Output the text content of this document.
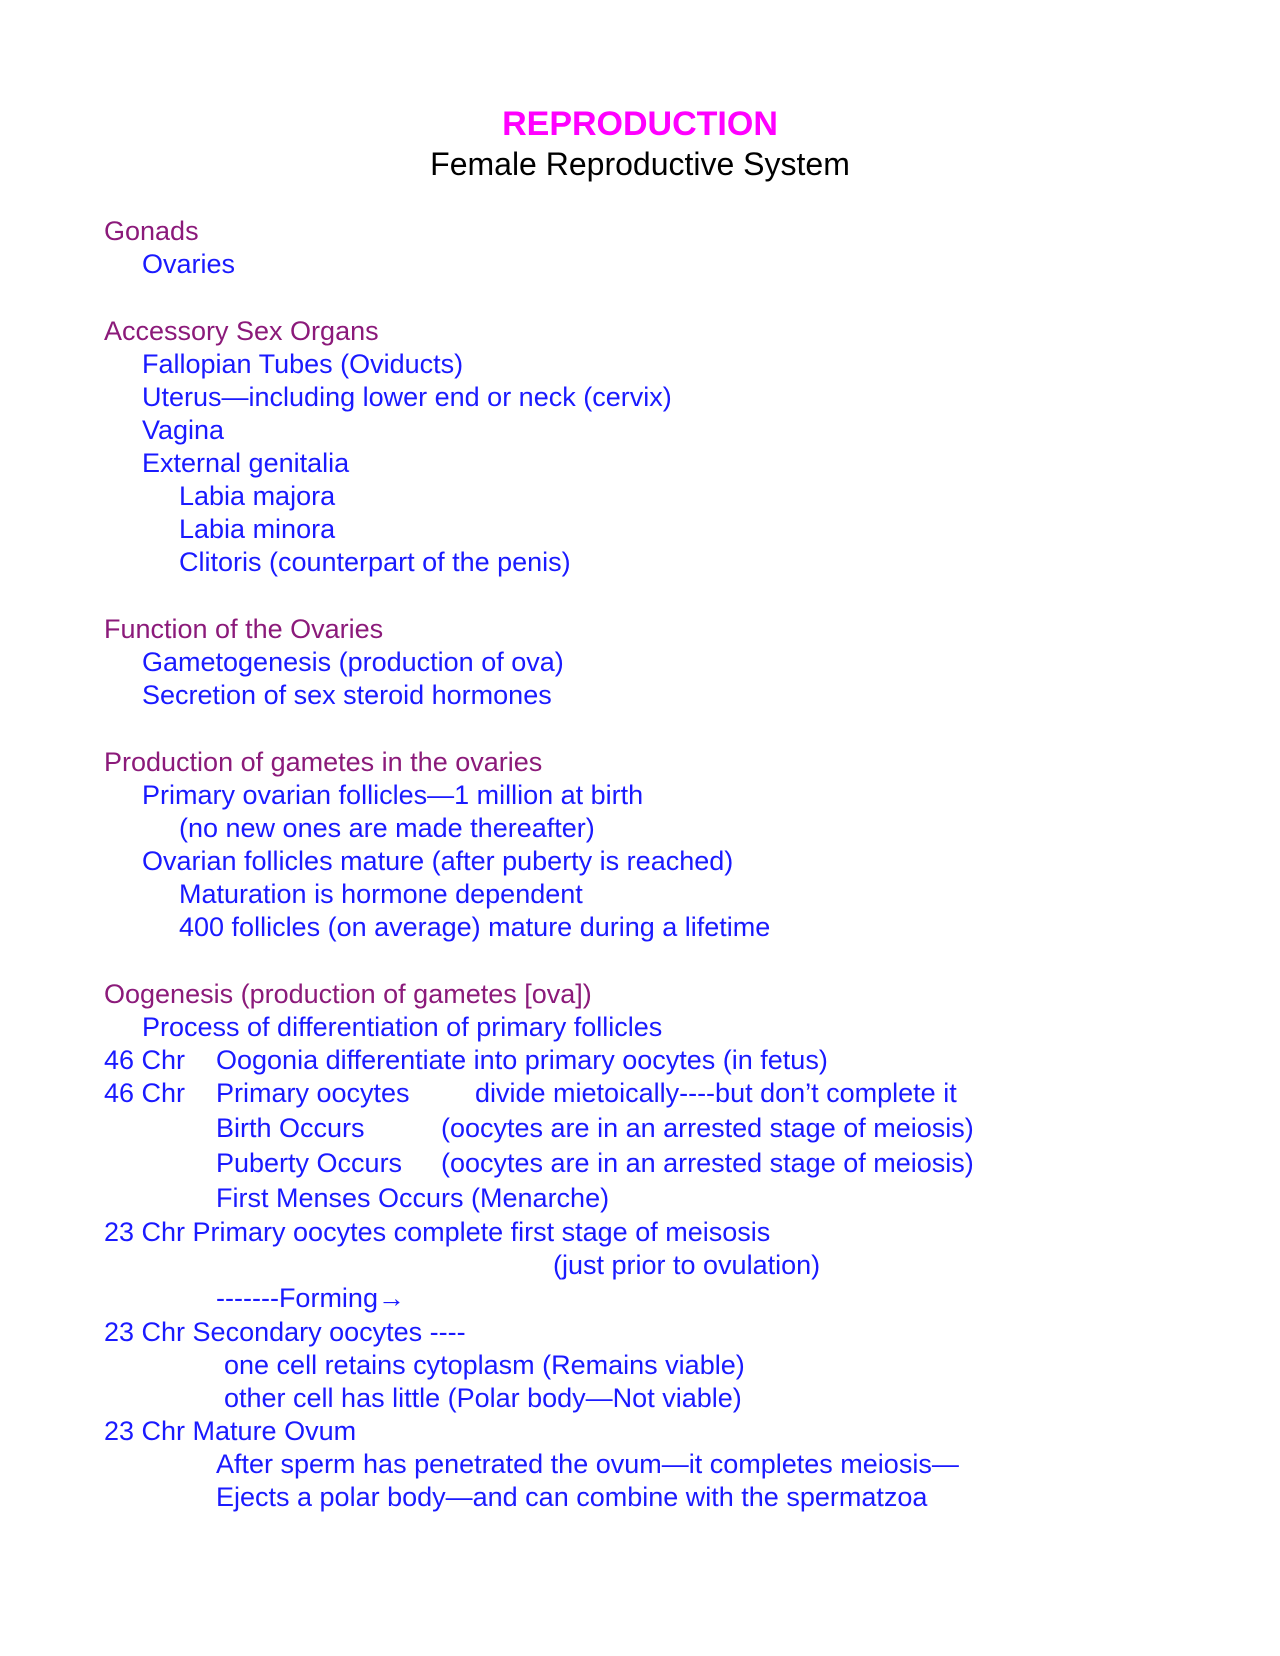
REPRODUCTION
Female Reproductive System
Gonads
Ovaries
Accessory Sex Organs
Fallopian Tubes (Oviducts)
Uterus—including lower end or neck (cervix)
Vagina
External genitalia
Labia majora
Labia minora
Clitoris (counterpart of the penis)
Function of the Ovaries
Gametogenesis (production of ova)
Secretion of sex steroid hormones
Production of gametes in the ovaries
Primary ovarian follicles—1 million at birth
(no new ones are made thereafter)
Ovarian follicles mature (after puberty is reached)
Maturation is hormone dependent
400 follicles (on average) mature during a lifetime
Oogenesis (production of gametes [ova])
Process of differentiation of primary follicles
46 Chr Oogonia differentiate into primary oocytes (in fetus)
46 Chr Primary oocytes divide mietoically----but don’t complete it
Birth Occurs	(oocytes are in an arrested stage of meiosis)
Puberty Occurs (oocytes are in an arrested stage of meiosis)
First Menses Occurs (Menarche)
23 Chr Primary oocytes complete first stage of meisosis
(just prior to ovulation)
-------Forming→
23 Chr Secondary oocytes ----
one cell retains cytoplasm (Remains viable)
other cell has little (Polar body—Not viable)
23 Chr Mature Ovum
After sperm has penetrated the ovum—it completes meiosis—
Ejects a polar body—and can combine with the spermatzoa
